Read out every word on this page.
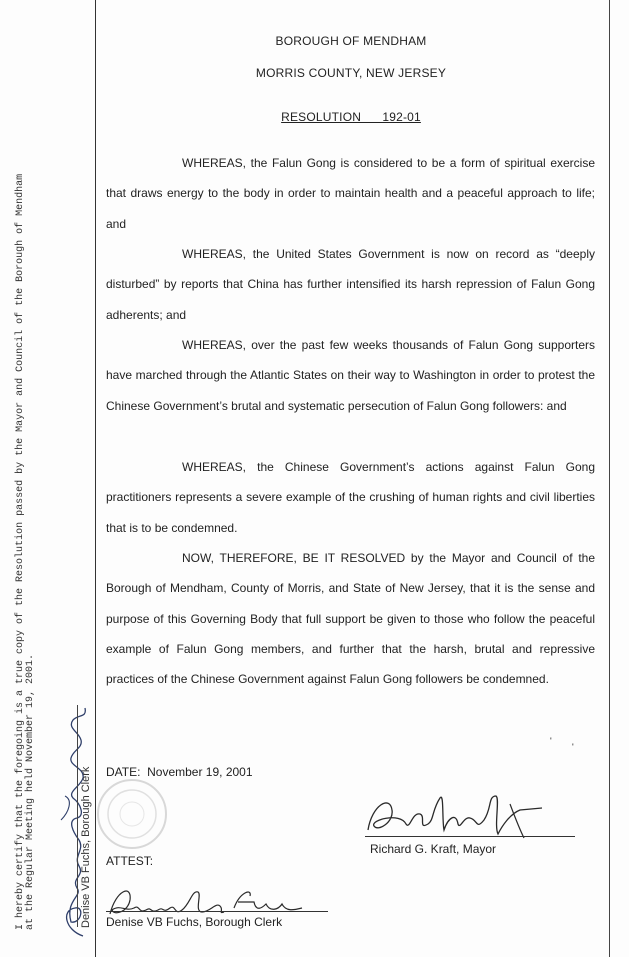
BOROUGH OF MENDHAM
MORRIS COUNTY, NEW JERSEY
RESOLUTION      192-01

WHEREAS, the Falun Gong is considered to be a form of spiritual exercise that draws energy to the body in order to maintain health and a peaceful approach to life; and

WHEREAS, the United States Government is now on record as “deeply disturbed” by reports that China has further intensified its harsh repression of Falun Gong adherents; and

WHEREAS, over the past few weeks thousands of Falun Gong supporters have marched through the Atlantic States on their way to Washington in order to protest the Chinese Government’s brutal and systematic persecution of Falun Gong followers: and

WHEREAS, the Chinese Government’s actions against Falun Gong practitioners represents a severe example of the crushing of human rights and civil liberties that is to be condemned.

NOW, THEREFORE, BE IT RESOLVED by the Mayor and Council of the Borough of Mendham, County of Morris, and State of New Jersey, that it is the sense and purpose of this Governing Body that full support be given to those who follow the peaceful example of Falun Gong members, and further that the harsh, brutal and repressive practices of the Chinese Government against Falun Gong followers be condemned.

DATE:  November 19, 2001
Richard G. Kraft, Mayor
ATTEST:
Denise VB Fuchs, Borough Clerk
I hereby certify that the foregoing is a true copy of the Resolution passed by the Mayor and Council of the Borough of Mendham at the Regular Meeting held November 19, 2001.	Denise VB Fuchs, Borough Clerk
'
'
